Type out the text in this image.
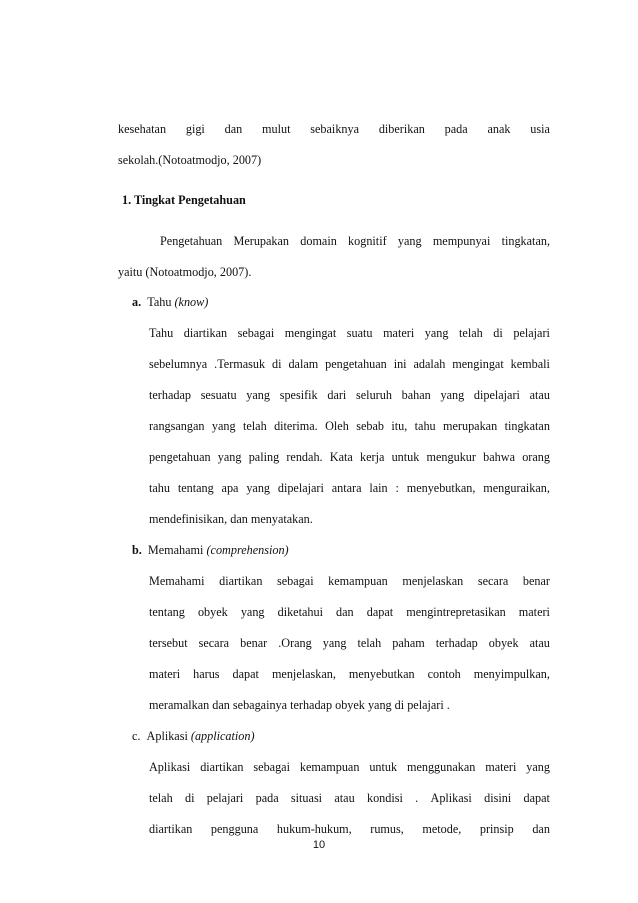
kesehatan gigi dan mulut sebaiknya diberikan pada anak usia
sekolah.(Notoatmodjo, 2007)
1. Tingkat Pengetahuan
Pengetahuan Merupakan domain kognitif yang mempunyai tingkatan,
yaitu (Notoatmodjo, 2007).
a.  Tahu (know)
Tahu diartikan sebagai mengingat suatu materi yang telah di pelajari
sebelumnya .Termasuk di dalam pengetahuan ini adalah mengingat kembali
terhadap sesuatu yang spesifik dari seluruh bahan yang dipelajari atau
rangsangan yang telah diterima. Oleh sebab itu, tahu merupakan tingkatan
pengetahuan yang paling rendah. Kata kerja untuk mengukur bahwa orang
tahu tentang apa yang dipelajari antara lain : menyebutkan, menguraikan,
mendefinisikan, dan menyatakan.
b.  Memahami (comprehension)
Memahami diartikan sebagai kemampuan menjelaskan secara benar
tentang obyek yang diketahui dan dapat mengintrepretasikan materi
tersebut secara benar .Orang yang telah paham terhadap obyek atau
materi harus dapat menjelaskan, menyebutkan contoh menyimpulkan,
meramalkan dan sebagainya terhadap obyek yang di pelajari .
c.  Aplikasi (application)
Aplikasi diartikan sebagai kemampuan untuk menggunakan materi yang
telah di pelajari pada situasi atau kondisi . Aplikasi disini dapat
diartikan pengguna hukum-hukum, rumus, metode, prinsip dan
10
